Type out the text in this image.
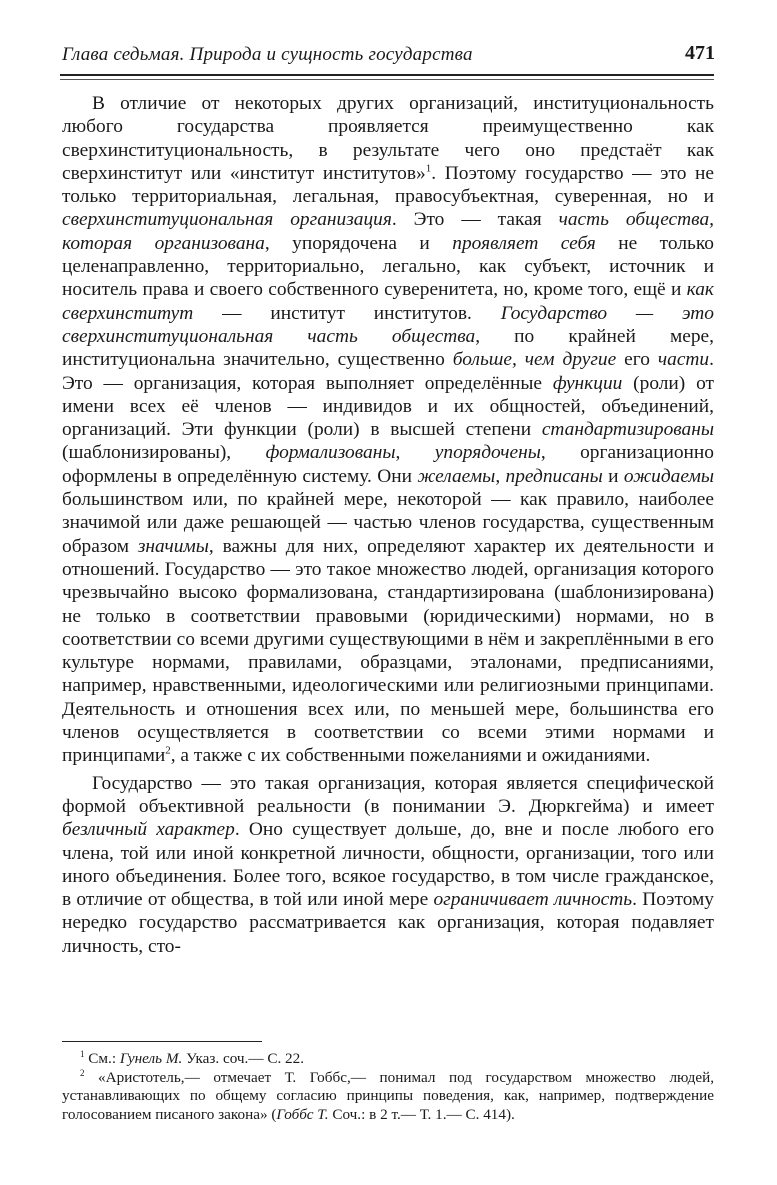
Глава седьмая. Природа и сущность государства	471

В отличие от некоторых других организаций, институциональность любого государства проявляется преимущественно как сверхинституциональность, в результате чего оно предстаёт как сверхинститут или «институт институтов»$^1$. Поэтому государство — это не только территориальная, легальная, правосубъектная, суверенная, но и сверхинституциональная организация. Это — такая часть общества, которая организована, упорядочена и проявляет себя не только целенаправленно, территориально, легально, как субъект, источник и носитель права и своего собственного суверенитета, но, кроме того, ещё и как сверхинститут — институт институтов. Государство — это сверхинституциональная часть общества, по крайней мере, институциональна значительно, существенно больше, чем другие его части. Это — организация, которая выполняет определённые функции (роли) от имени всех её членов — индивидов и их общностей, объединений, организаций. Эти функции (роли) в высшей степени стандартизированы (шаблонизированы), формализованы, упорядочены, организационно оформлены в определённую систему. Они желаемы, предписаны и ожидаемы большинством или, по крайней мере, некоторой — как правило, наиболее значимой или даже решающей — частью членов государства, существенным образом значимы, важны для них, определяют характер их деятельности и отношений. Государство — это такое множество людей, организация которого чрезвычайно высоко формализована, стандартизирована (шаблонизирована) не только в соответствии правовыми (юридическими) нормами, но в соответствии со всеми другими существующими в нём и закреплёнными в его культуре нормами, правилами, образцами, эталонами, предписаниями, например, нравственными, идеологическими или религиозными принципами. Деятельность и отношения всех или, по меньшей мере, большинства его членов осуществляется в соответствии со всеми этими нормами и принципами$^2$, а также с их собственными пожеланиями и ожиданиями.

Государство — это такая организация, которая является специфической формой объективной реальности (в понимании Э. Дюркгейма) и имеет безличный характер. Оно существует дольше, до, вне и после любого его члена, той или иной конкретной личности, общности, организации, того или иного объединения. Более того, всякое государство, в том числе гражданское, в отличие от общества, в той или иной мере ограничивает личность. Поэтому нередко государство рассматривается как организация, которая подавляет личность, сто-

$^1$ См.: Гунель М. Указ. соч.— С. 22.

$^2$ «Аристотель,— отмечает Т. Гоббс,— понимал под государством множество людей, устанавливающих по общему согласию принципы поведения, как, например, подтверждение голосованием писаного закона» (Гоббс Т. Соч.: в 2 т.— Т. 1.— С. 414).
